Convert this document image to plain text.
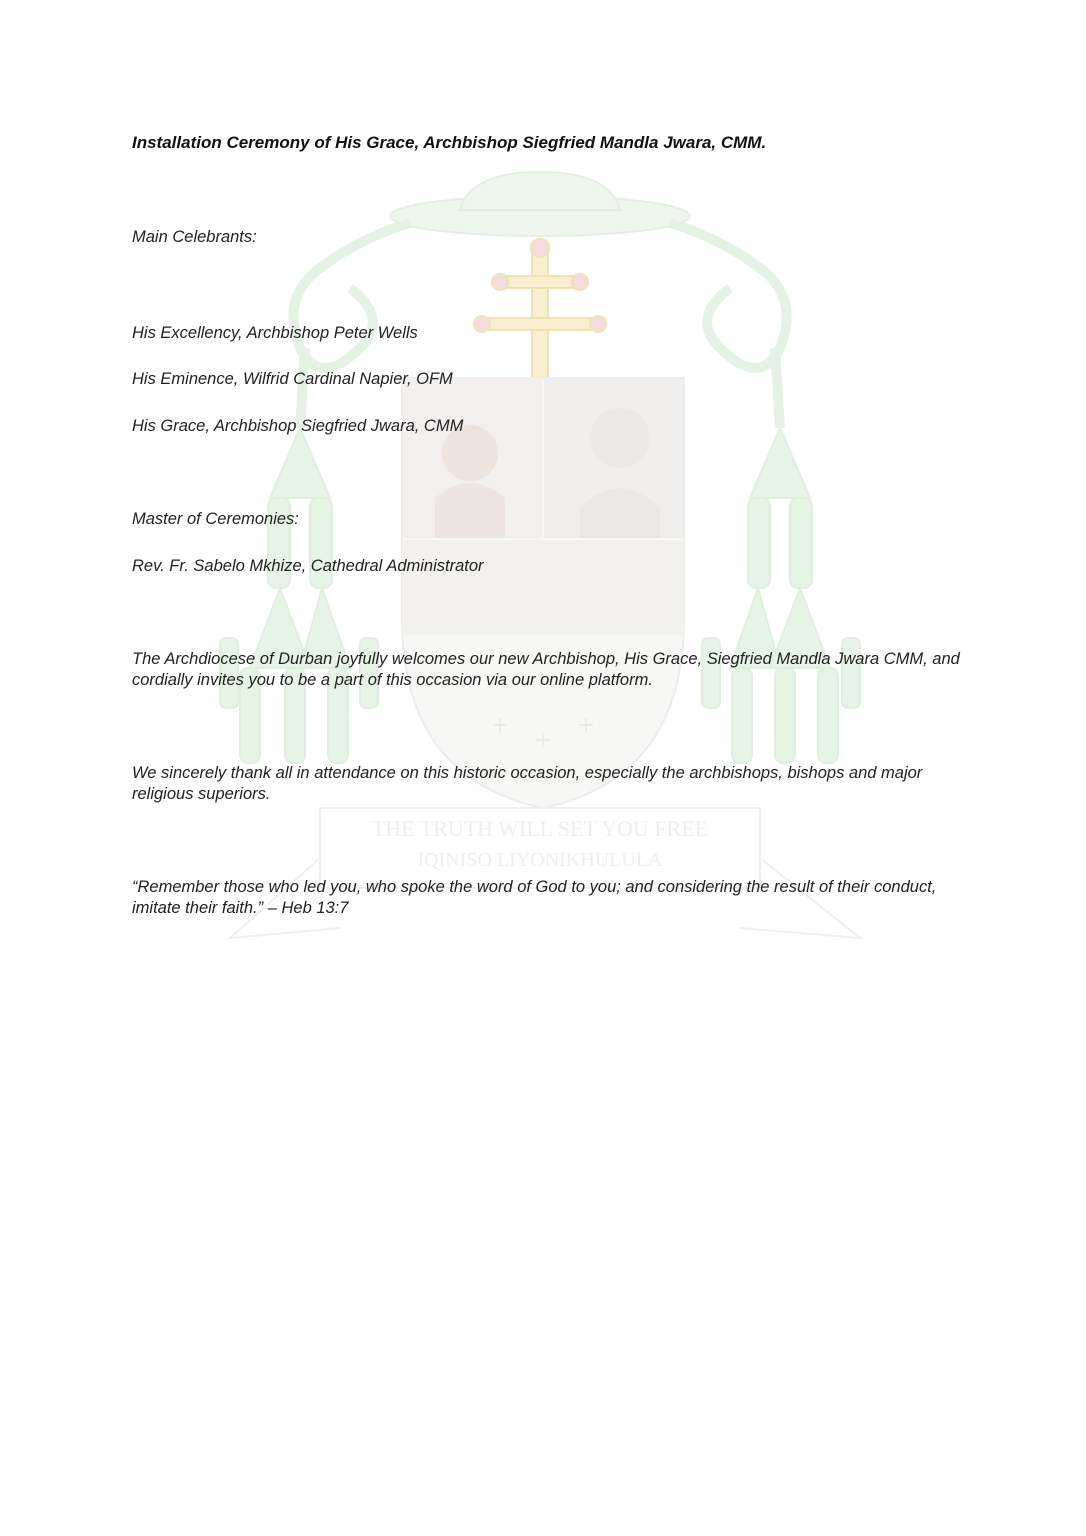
THE TRUTH WILL SET YOU FREE
IQINISO LIYONIKHULULA

Installation Ceremony of His Grace, Archbishop Siegfried Mandla Jwara, CMM.

Main Celebrants:

His Excellency, Archbishop Peter Wells

His Eminence, Wilfrid Cardinal Napier, OFM

His Grace, Archbishop Siegfried Jwara, CMM

Master of Ceremonies:

Rev. Fr. Sabelo Mkhize, Cathedral Administrator

The Archdiocese of Durban joyfully welcomes our new Archbishop, His Grace, Siegfried Mandla Jwara CMM, and cordially invites you to be a part of this occasion via our online platform.

We sincerely thank all in attendance on this historic occasion, especially the archbishops, bishops and major religious superiors.

“Remember those who led you, who spoke the word of God to you; and considering the result of their conduct, imitate their faith.” – Heb 13:7
